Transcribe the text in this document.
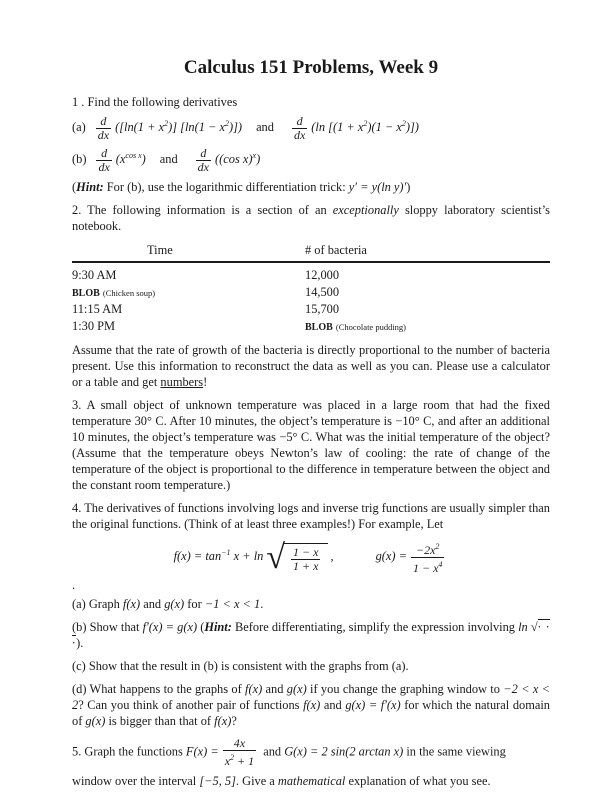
Calculus 151 Problems, Week 9

1 . Find the following derivatives

$(a) \frac{d}{dx} ([\ln(1 + x^2)] [\ln(1 - x^2)])$ and $\frac{d}{dx} (\ln$ $[(1 + x^2)(1 - x^2)]$)

$(b) \frac{d}{dx} (x^{cos x})$ and $\frac{d}{dx} ((\cos$ x)$^x$)

(Hint: For (b), use the logarithmic differentiation trick: y′ = y(ln y)′)

2. The following information is a section of an exceptionally sloppy laboratory scientist’s notebook.

Time	# of bacteria
9:30 AM	12,000
BLOB (Chicken soup)	14,500
11:15 AM	15,700
1:30 PM	BLOB (Chocolate pudding)

Assume that the rate of growth of the bacteria is directly proportional to the number of bacteria present. Use this information to reconstruct the data as well as you can. Please use a calculator or a table and get numbers!

3. A small object of unknown temperature was placed in a large room that had the fixed temperature 30° C. After 10 minutes, the object’s temperature is −10° C, and after an additional 10 minutes, the object’s temperature was −5° C. What was the initial temperature of the object? (Assume that the temperature obeys Newton’s law of cooling: the rate of change of the temperature of the object is proportional to the difference in temperature between the object and the constant room temperature.)

4. The derivatives of functions involving logs and inverse trig functions are usually simpler than the original functions. (Think of at least three examples!) For example, Let

$f(x) = \tan^{-1} x + \ln$ √ $\frac{1 - x}{1 + x}$ ,	$g(x) = \frac{-2x^2}{1 - x^4}$

.

(a) Graph f(x) and g(x) for −1 < x < 1.

(b) Show that f′(x) = g(x) (Hint: Before differentiating, simplify the expression involving ln √· · ·).

(c) Show that the result in (b) is consistent with the graphs from (a).

(d) What happens to the graphs of f(x) and g(x) if you change the graphing window to −2 < x < 2? Can you think of another pair of functions f(x) and g(x) = f′(x) for which the natural domain of g(x) is bigger than that of f(x)?

5. Graph the functions $F(x) = \frac{4x}{x^2 + 1}$ and G(x) = 2 sin(2 arctan x) in the same viewing

window over the interval [−5, 5]. Give a mathematical explanation of what you see.
